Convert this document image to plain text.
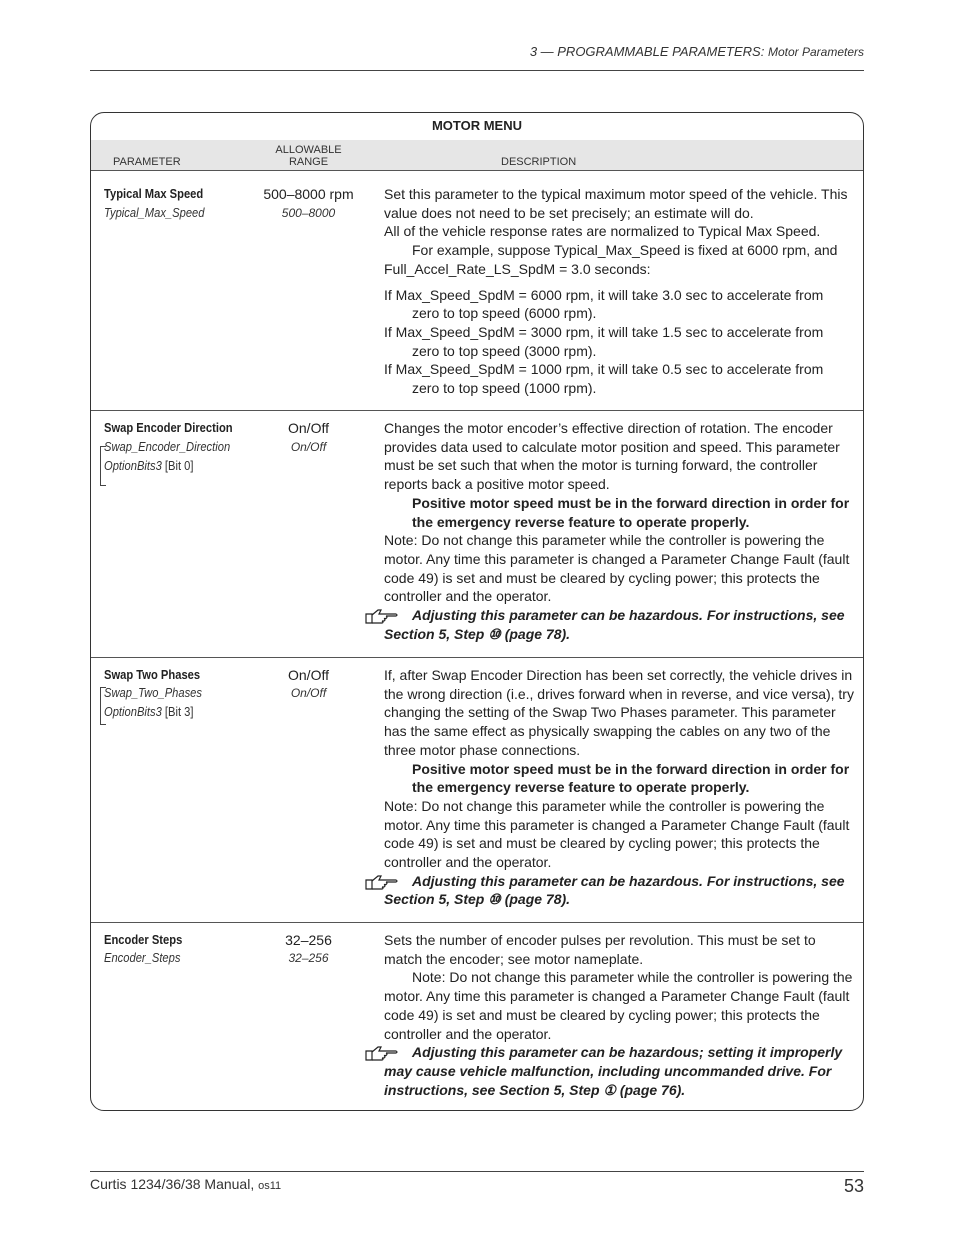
3 — PROGRAMMABLE PARAMETERS: Motor Parameters
MOTOR MENU
PARAMETER
ALLOWABLE
RANGE	DESCRIPTION
Typical Max Speed
Typical_Max_Speed
500–8000 rpm
500–8000

Set this parameter to the typical maximum motor speed of the vehicle. This value does not need to be set precisely; an estimate will do.

All of the vehicle response rates are normalized to Typical Max Speed.

For example, suppose Typical_Max_Speed is fixed at 6000 rpm, and Full_Accel_Rate_LS_SpdM = 3.0 seconds:

If Max_Speed_SpdM = 6000 rpm, it will take 3.0 sec to accelerate from zero to top speed (6000 rpm).

If Max_Speed_SpdM = 3000 rpm, it will take 1.5 sec to accelerate from zero to top speed (3000 rpm).

If Max_Speed_SpdM = 1000 rpm, it will take 0.5 sec to accelerate from zero to top speed (1000 rpm).

Swap Encoder Direction
Swap_Encoder_Direction
OptionBits3 [Bit 0]
On/Off
On/Off

Changes the motor encoder’s effective direction of rotation. The encoder provides data used to calculate motor position and speed. This parameter must be set such that when the motor is turning forward, the controller reports back a positive motor speed.

Positive motor speed must be in the forward direction in order for the emergency reverse feature to operate properly.

Note: Do not change this parameter while the controller is powering the motor. Any time this parameter is changed a Parameter Change Fault (fault code 49) is set and must be cleared by cycling power; this protects the controller and the operator.

Adjusting this parameter can be hazardous. For instructions, see Section 5, Step ⑩ (page 78).
Swap Two Phases
Swap_Two_Phases
OptionBits3 [Bit 3]
On/Off
On/Off

If, after Swap Encoder Direction has been set correctly, the vehicle drives in the wrong direction (i.e., drives forward when in reverse, and vice versa), try changing the setting of the Swap Two Phases parameter. This parameter has the same effect as physically swapping the cables on any two of the three motor phase connections.

Positive motor speed must be in the forward direction in order for the emergency reverse feature to operate properly.

Note: Do not change this parameter while the controller is powering the motor. Any time this parameter is changed a Parameter Change Fault (fault code 49) is set and must be cleared by cycling power; this protects the controller and the operator.

Adjusting this parameter can be hazardous. For instructions, see Section 5, Step ⑩ (page 78).
Encoder Steps
Encoder_Steps
32–256
32–256

Sets the number of encoder pulses per revolution. This must be set to match the encoder; see motor nameplate.

Note: Do not change this parameter while the controller is powering the motor. Any time this parameter is changed a Parameter Change Fault (fault code 49) is set and must be cleared by cycling power; this protects the controller and the operator.

Adjusting this parameter can be hazardous; setting it improperly may cause vehicle malfunction, including uncommanded drive. For instructions, see Section 5, Step ① (page 76).
Curtis 1234/36/38 Manual, os11	53
